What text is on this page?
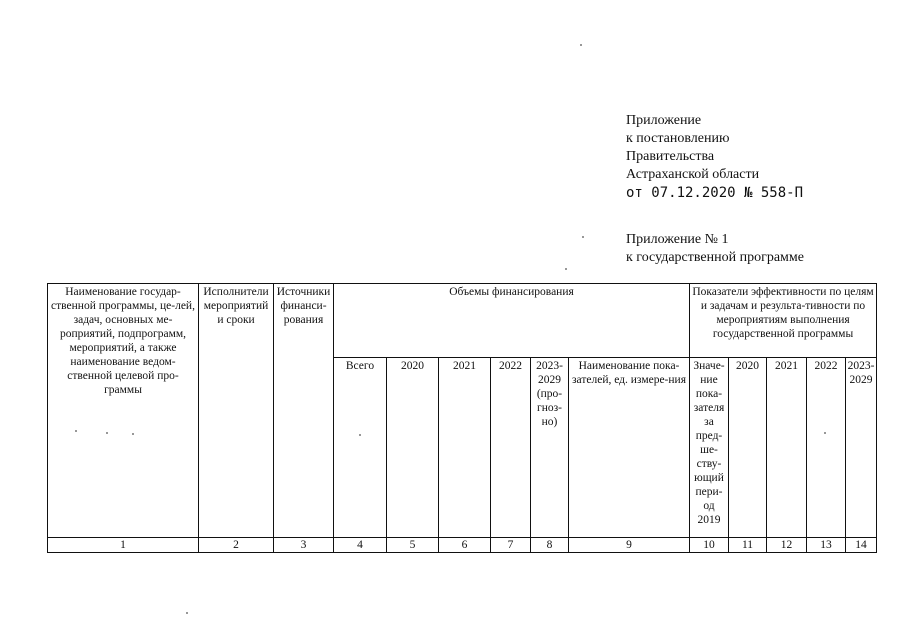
Приложение
к постановлению
Правительства
Астраханской области
от 07.12.2020 № 558-П
Приложение № 1
к государственной программе
Наименование государ-ственной программы, це-лей, задач, основных ме-роприятий, подпрограмм, мероприятий, а также наименование ведом-ственной целевой про-граммы	Исполнители мероприятий и сроки	Источники финанси-рования	Объемы финансирования						Показатели эффективности по целям и задачам и результа-тивности по мероприятиям выполнения государственной программы				
			Всего	2020	2021	2022	2023-2029 (про-гноз-но)	Наименование пока-зателей, ед. измере-ния	Значе-ние пока-зателя за пред-ше-ству-ющий пери-од 2019	2020	2021	2022	2023-2029
1	2	3	4	5	6	7	8	9	10	11	12	13	14
